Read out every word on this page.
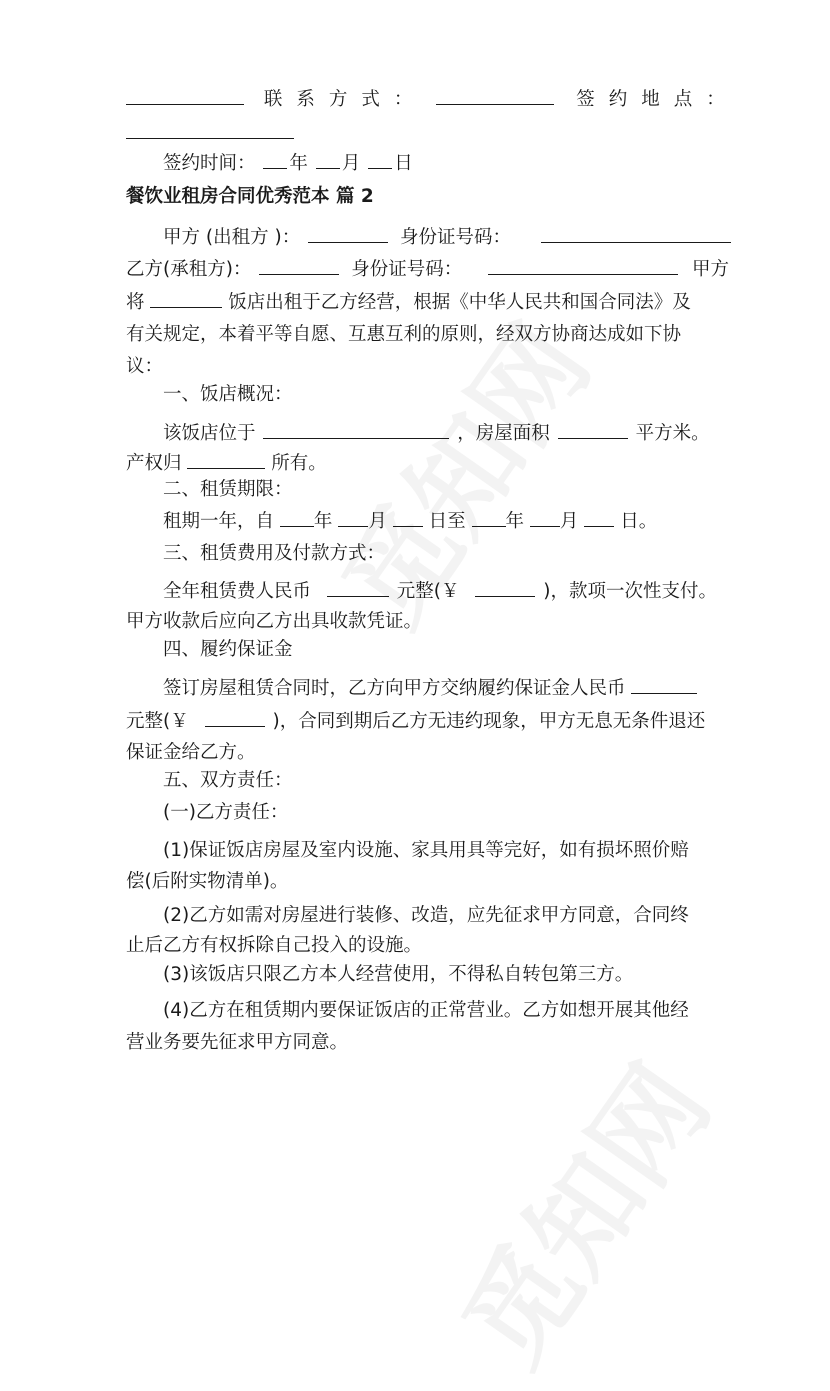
联系方式：	签约地点：
签约时间： 年 月 日
餐饮业租房合同优秀范本 篇 2
甲方 (出租方 )：	身份证号码：
乙方(承租方)：	身份证号码：	甲方
将	饭店出租于乙方经营，根据《中华人民共和国合同法》及
有关规定，本着平等自愿、互惠互利的原则，经双方协商达成如下协
议：
一、饭店概况：
该饭店位于	，房屋面积	平方米。
产权归	所有。
二、租赁期限：
租期一年，自 年 月 日至 年 月 日。
三、租赁费用及付款方式：
全年租赁费人民币	元整(￥	)，款项一次性支付。
甲方收款后应向乙方出具收款凭证。
四、履约保证金
签订房屋租赁合同时，乙方向甲方交纳履约保证金人民币
元整(￥	)，合同到期后乙方无违约现象，甲方无息无条件退还
保证金给乙方。
五、双方责任：
(一)乙方责任：
(1)保证饭店房屋及室内设施、家具用具等完好，如有损坏照价赔
偿(后附实物清单)。
(2)乙方如需对房屋进行装修、改造，应先征求甲方同意，合同终
止后乙方有权拆除自己投入的设施。
(3)该饭店只限乙方本人经营使用，不得私自转包第三方。
(4)乙方在租赁期内要保证饭店的正常营业。乙方如想开展其他经
营业务要先征求甲方同意。
